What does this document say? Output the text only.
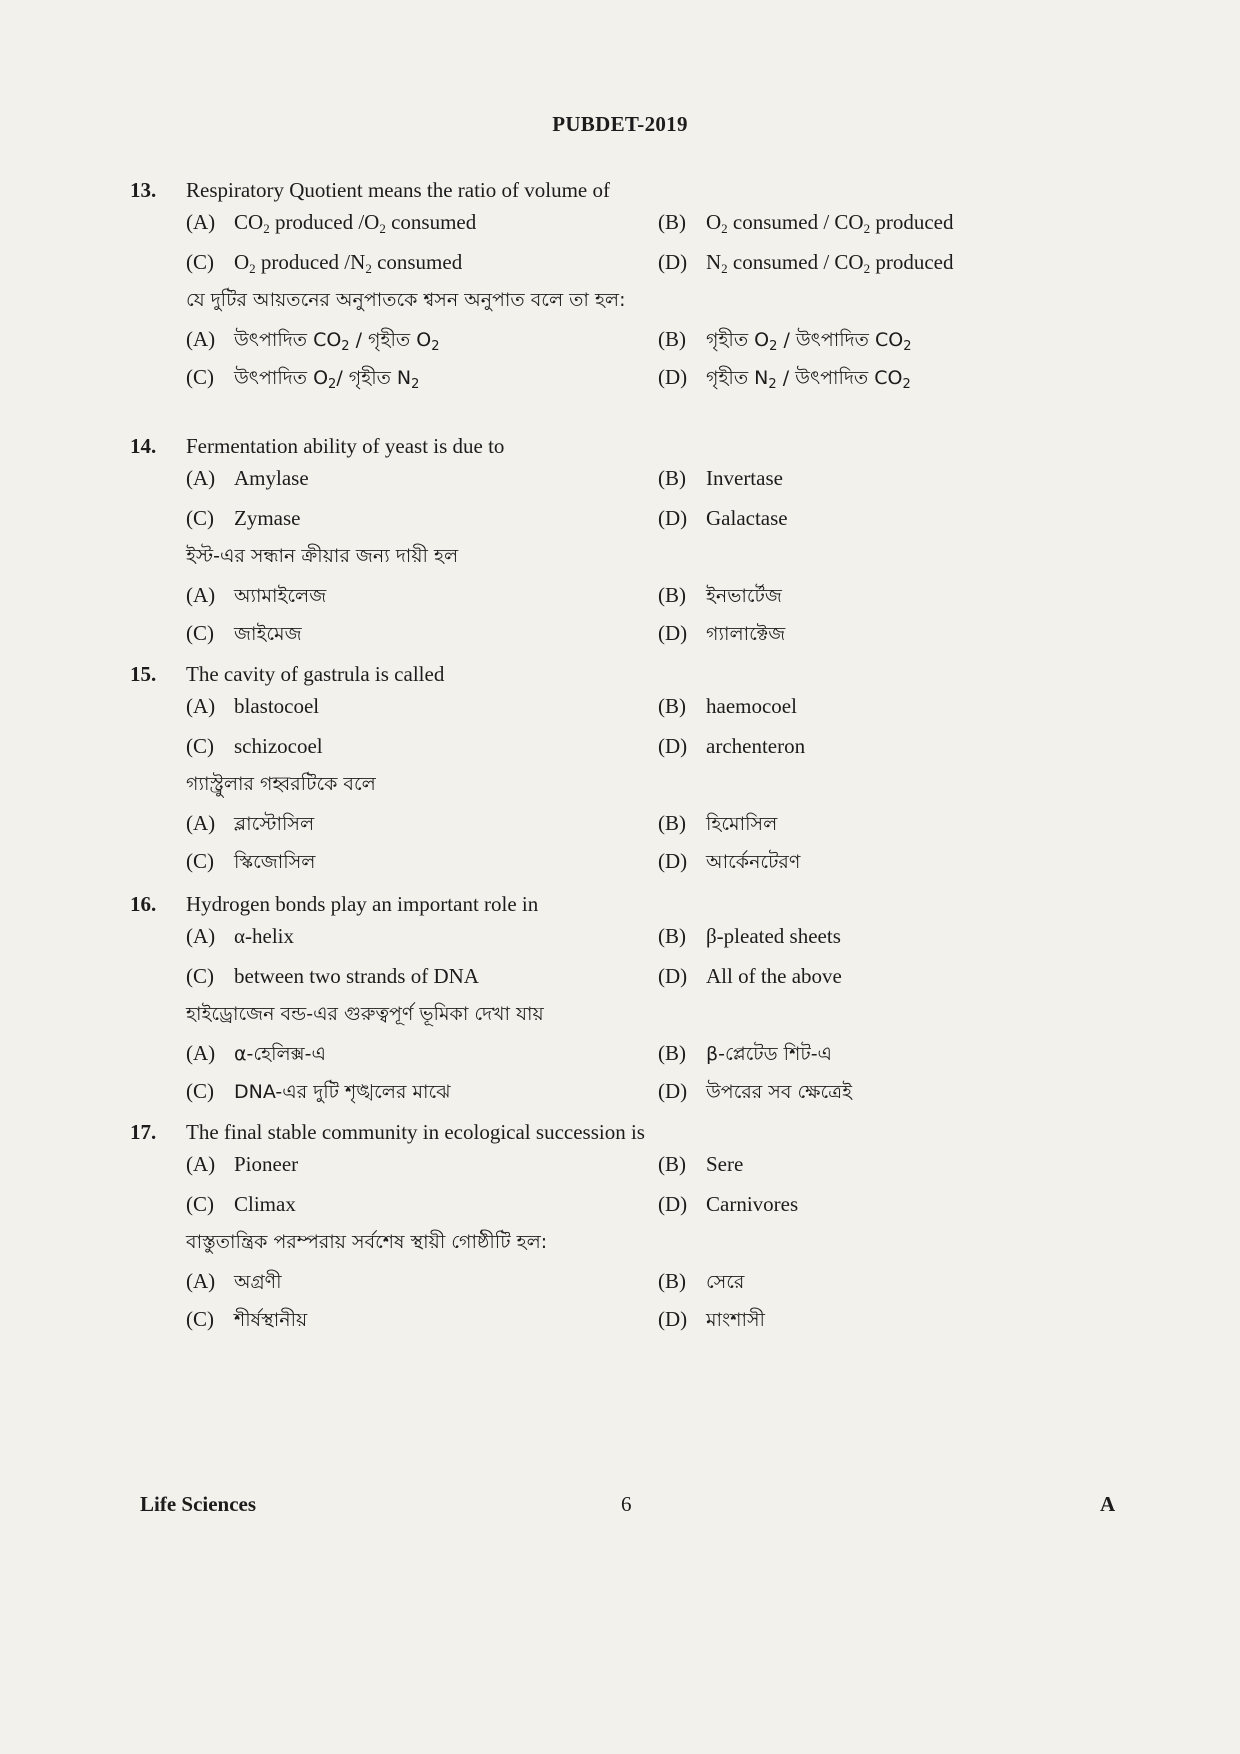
PUBDET-2019
13. Respiratory Quotient means the ratio of volume of
(A) $CO_2$ produced $/O_2$ consumed	(B) $O_2$ consumed / $CO_2$ produced
(C) $O_2$ produced $/N_2$ consumed	(D) $N_2$ consumed / $CO_2$ produced
যে দুটির আয়তনের অনুপাতকে শ্বসন অনুপাত বলে তা হল:
(A) উৎপাদিত $CO_2$ / গৃহীত $O_2$	(B) গৃহীত $O_2$ / উৎপাদিত $CO_2$
(C) উৎপাদিত $O_2/$ গৃহীত $N_2$	(D) গৃহীত $N_2$ / উৎপাদিত $CO_2$
14. Fermentation ability of yeast is due to
(A) Amylase	(B) Invertase
(C) Zymase	(D) Galactase
ইস্ট-এর সন্ধান ক্রীয়ার জন্য দায়ী হল
(A) অ্যামাইলেজ	(B) ইনভার্টেজ
(C) জাইমেজ	(D) গ্যালাক্টেজ
15. The cavity of gastrula is called
(A) blastocoel	(B) haemocoel
(C) schizocoel	(D) archenteron
গ্যাস্ট্রুলার গহ্বরটিকে বলে
(A) ব্লাস্টোসিল	(B) হিমোসিল
(C) স্কিজোসিল	(D) আর্কেনটেরণ
16. Hydrogen bonds play an important role in
(A) α-helix	(B) β-pleated sheets
(C) between two strands of DNA	(D) All of the above
হাইড্রোজেন বন্ড-এর গুরুত্বপূর্ণ ভূমিকা দেখা যায়
(A) α-হেলিক্স-এ	(B) β-প্লেটেড শিট-এ
(C) DNA-এর দুটি শৃঙ্খলের মাঝে	(D) উপরের সব ক্ষেত্রেই
17. The final stable community in ecological succession is
(A) Pioneer	(B) Sere
(C) Climax	(D) Carnivores
বাস্তুতান্ত্রিক পরম্পরায় সর্বশেষ স্থায়ী গোষ্ঠীটি হল:
(A) অগ্রণী	(B) সেরে
(C) শীর্ষস্থানীয়	(D) মাংশাসী
Life Sciences	6	A
